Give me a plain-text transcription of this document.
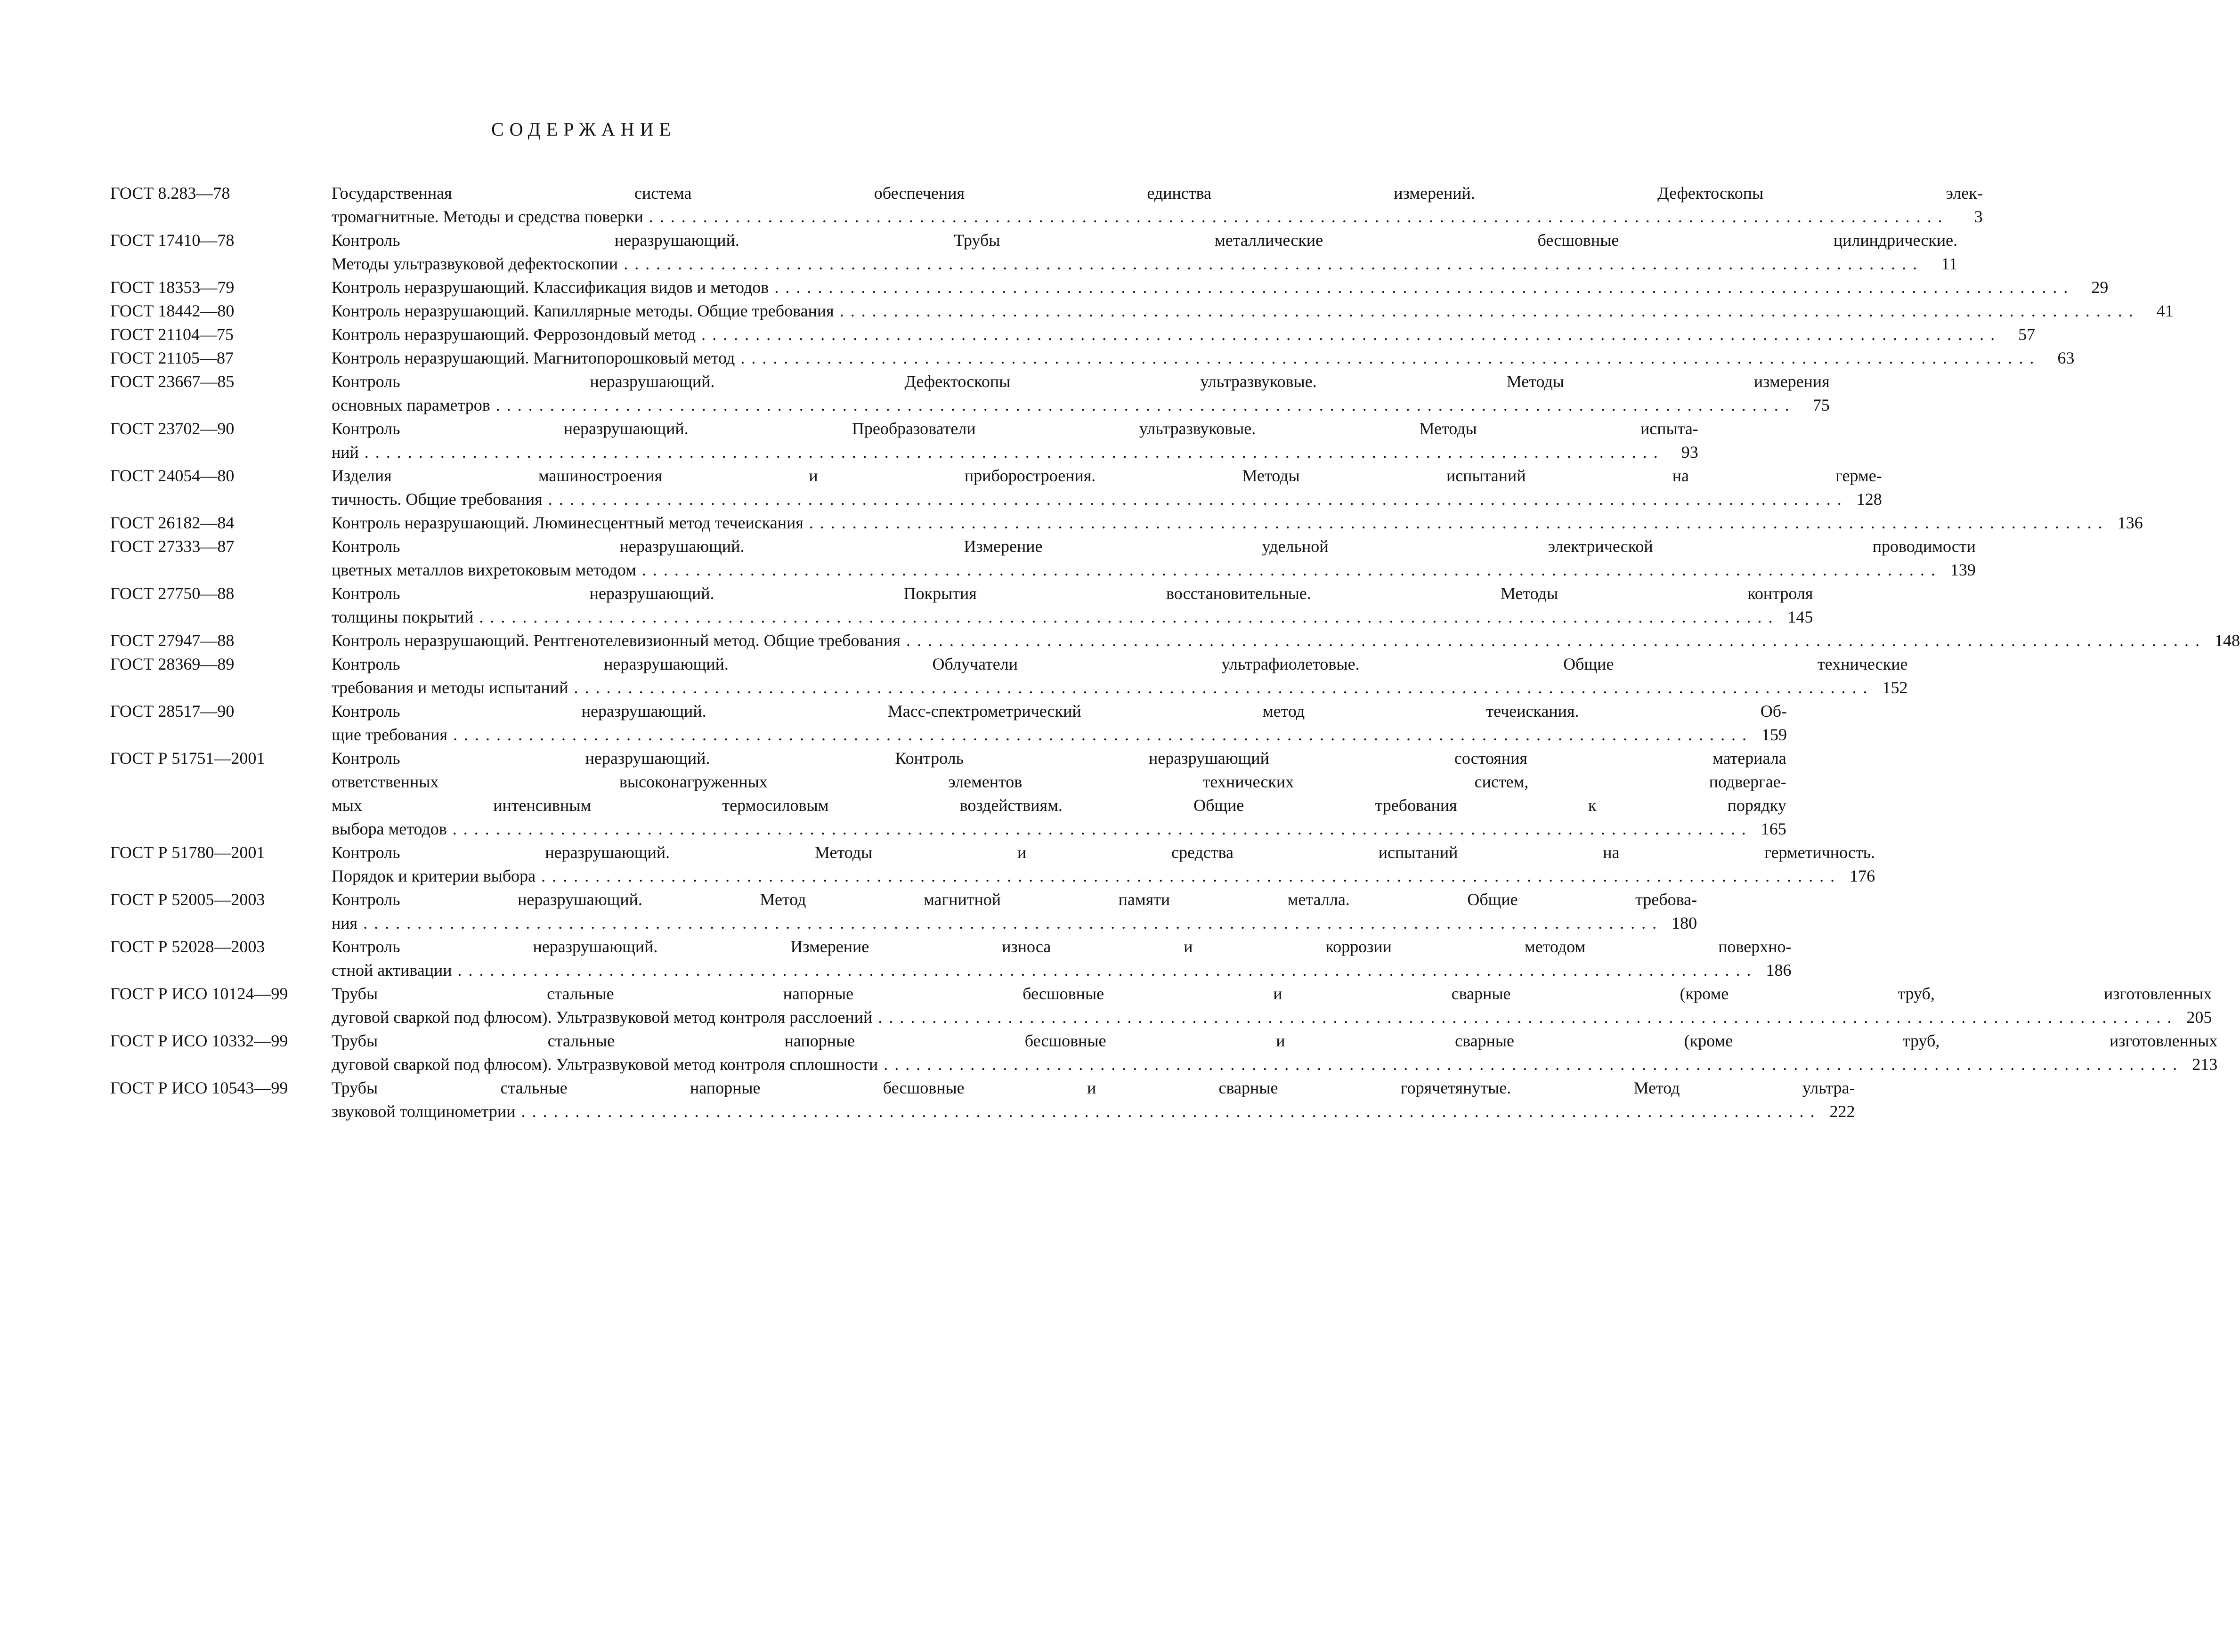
СОДЕРЖАНИЕ
ГОСТ 8.283—78	Государственная система обеспечения единства измерений. Дефектоскопы элек-
тромагнитные. Методы и средства поверки ........................................................................................................................	3
ГОСТ 17410—78	Контроль неразрушающий. Трубы металлические бесшовные цилиндрические.
Методы ультразвуковой дефектоскопии ........................................................................................................................	11
ГОСТ 18353—79	Контроль неразрушающий. Классификация видов и методов ........................................................................................................................	29
ГОСТ 18442—80	Контроль неразрушающий. Капиллярные методы. Общие требования ........................................................................................................................	41
ГОСТ 21104—75	Контроль неразрушающий. Феррозондовый метод ........................................................................................................................	57
ГОСТ 21105—87	Контроль неразрушающий. Магнитопорошковый метод ........................................................................................................................	63
ГОСТ 23667—85	Контроль неразрушающий. Дефектоскопы ультразвуковые. Методы измерения
основных параметров ........................................................................................................................	75
ГОСТ 23702—90	Контроль неразрушающий. Преобразователи ультразвуковые. Методы испыта-
ний ........................................................................................................................	93
ГОСТ 24054—80	Изделия машиностроения и приборостроения. Методы испытаний на герме-
тичность. Общие требования ........................................................................................................................ 128
ГОСТ 26182—84	Контроль неразрушающий. Люминесцентный метод течеискания ........................................................................................................................ 136
ГОСТ 27333—87	Контроль неразрушающий. Измерение удельной электрической проводимости
цветных металлов вихретоковым методом ........................................................................................................................ 139
ГОСТ 27750—88	Контроль неразрушающий. Покрытия восстановительные. Методы контроля
толщины покрытий ........................................................................................................................ 145
ГОСТ 27947—88	Контроль неразрушающий. Рентгенотелевизионный метод. Общие требования ........................................................................................................................ 148
ГОСТ 28369—89	Контроль неразрушающий. Облучатели ультрафиолетовые. Общие технические
требования и методы испытаний ........................................................................................................................ 152
ГОСТ 28517—90	Контроль неразрушающий. Масс-спектрометрический метод течеискания. Об-
щие требования ........................................................................................................................ 159
ГОСТ Р 51751—2001	Контроль неразрушающий. Контроль неразрушающий состояния материала
ответственных высоконагруженных элементов технических систем, подвергае-
мых интенсивным термосиловым воздействиям. Общие требования к порядку
выбора методов ........................................................................................................................ 165
ГОСТ Р 51780—2001	Контроль неразрушающий. Методы и средства испытаний на герметичность.
Порядок и критерии выбора ........................................................................................................................ 176
ГОСТ Р 52005—2003	Контроль неразрушающий. Метод магнитной памяти металла. Общие требова-
ния ........................................................................................................................ 180
ГОСТ Р 52028—2003	Контроль неразрушающий. Измерение износа и коррозии методом поверхно-
стной активации ........................................................................................................................ 186
ГОСТ Р ИСО 10124—99	Трубы стальные напорные бесшовные и сварные (кроме труб, изготовленных
дуговой сваркой под флюсом). Ультразвуковой метод контроля расслоений ........................................................................................................................ 205
ГОСТ Р ИСО 10332—99	Трубы стальные напорные бесшовные и сварные (кроме труб, изготовленных
дуговой сваркой под флюсом). Ультразвуковой метод контроля сплошности ........................................................................................................................ 213
ГОСТ Р ИСО 10543—99	Трубы стальные напорные бесшовные и сварные горячетянутые. Метод ультра-
звуковой толщинометрии ........................................................................................................................ 222
